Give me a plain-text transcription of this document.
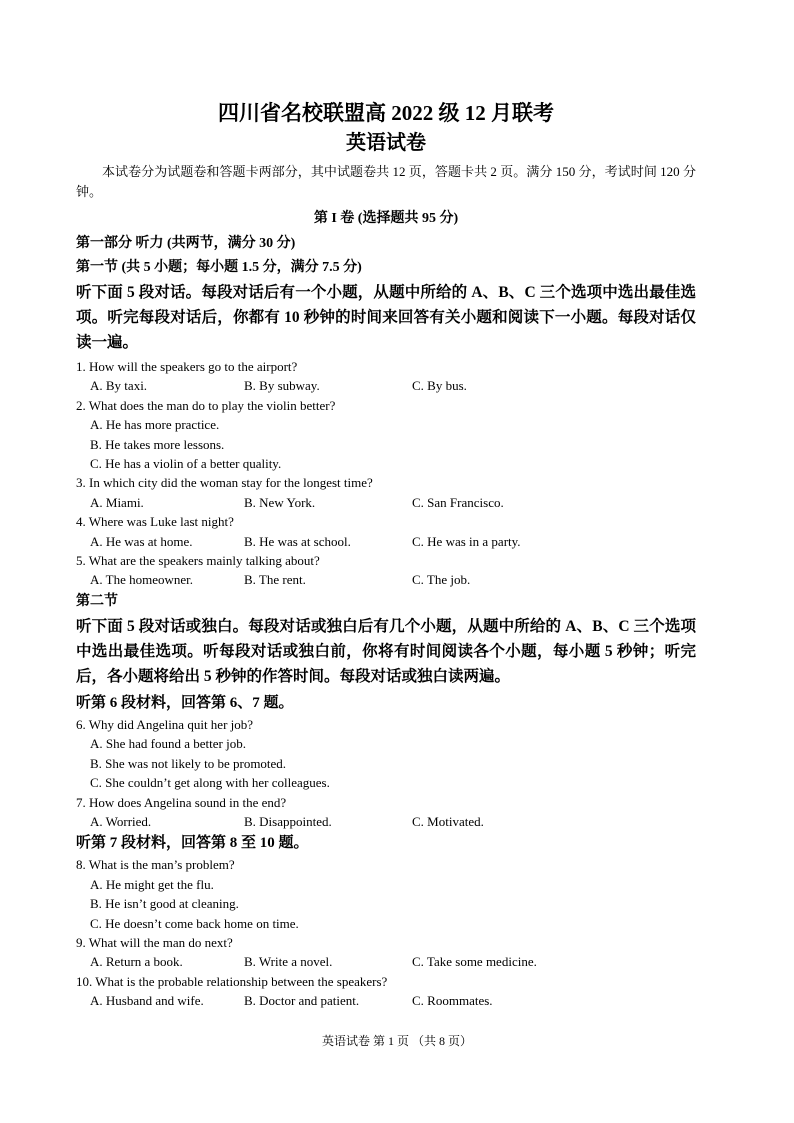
四川省名校联盟高 2022 级 12 月联考

英语试卷

本试卷分为试题卷和答题卡两部分，其中试题卷共 12 页，答题卡共 2 页。满分 150 分，考试时间 120 分钟。

第 I 卷 (选择题共 95 分)

第一部分 听力 (共两节，满分 30 分)

第一节 (共 5 小题；每小题 1.5 分，满分 7.5 分)

听下面 5 段对话。每段对话后有一个小题，从题中所给的 A、B、C 三个选项中选出最佳选项。听完每段对话后，你都有 10 秒钟的时间来回答有关小题和阅读下一小题。每段对话仅读一遍。

1. How will the speakers go to the airport?

A. By taxi.	B. By subway.	C. By bus.

2. What does the man do to play the violin better?

A. He has more practice.

B. He takes more lessons.

C. He has a violin of a better quality.

3. In which city did the woman stay for the longest time?

A. Miami.	B. New York.	C. San Francisco.

4. Where was Luke last night?

A. He was at home.	B. He was at school.	C. He was in a party.

5. What are the speakers mainly talking about?

A. The homeowner.	B. The rent.	C. The job.

第二节

听下面 5 段对话或独白。每段对话或独白后有几个小题，从题中所给的 A、B、C 三个选项中选出最佳选项。听每段对话或独白前，你将有时间阅读各个小题，每小题 5 秒钟；听完后，各小题将给出 5 秒钟的作答时间。每段对话或独白读两遍。

听第 6 段材料，回答第 6、7 题。

6. Why did Angelina quit her job?

A. She had found a better job.

B. She was not likely to be promoted.

C. She couldn’t get along with her colleagues.

7. How does Angelina sound in the end?

A. Worried.	B. Disappointed.	C. Motivated.

听第 7 段材料，回答第 8 至 10 题。

8. What is the man’s problem?

A. He might get the flu.

B. He isn’t good at cleaning.

C. He doesn’t come back home on time.

9. What will the man do next?

A. Return a book.	B. Write a novel.	C. Take some medicine.

10. What is the probable relationship between the speakers?

A. Husband and wife.	B. Doctor and patient.	C. Roommates.
英语试卷 第 1 页 （共 8 页）
